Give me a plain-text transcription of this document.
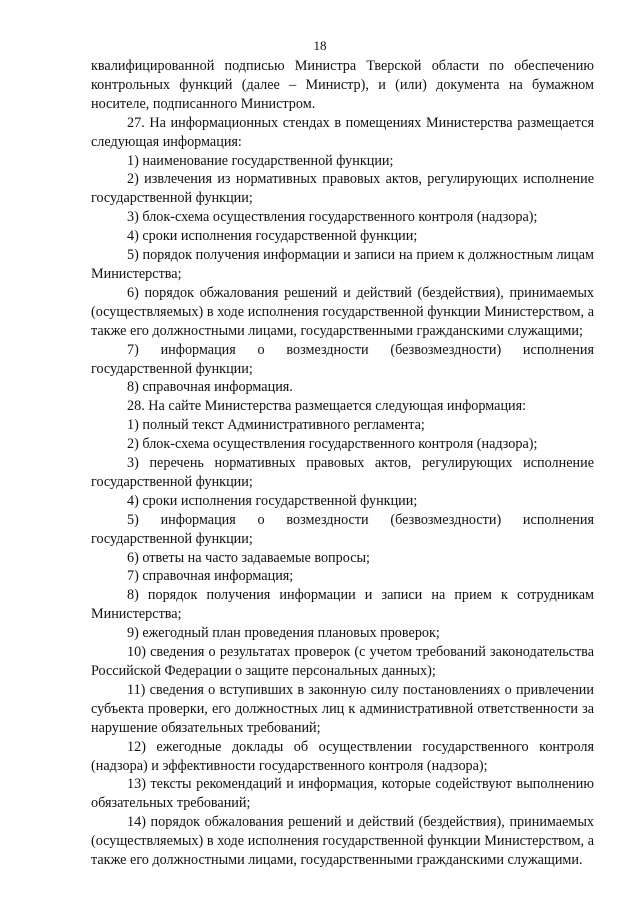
18

квалифицированной подписью Министра Тверской области по обеспечению контрольных функций (далее – Министр), и (или) документа на бумажном носителе, подписанного Министром.

27. На информационных стендах в помещениях Министерства размещается следующая информация:

1) наименование государственной функции;

2) извлечения из нормативных правовых актов, регулирующих исполнение государственной функции;

3) блок-схема осуществления государственного контроля (надзора);

4) сроки исполнения государственной функции;

5) порядок получения информации и записи на прием к должностным лицам Министерства;

6) порядок обжалования решений и действий (бездействия), принимаемых (осуществляемых) в ходе исполнения государственной функции Министерством, а также его должностными лицами, государственными гражданскими служащими;

7) информация о возмездности (безвозмездности) исполнения государственной функции;

8) справочная информация.

28. На сайте Министерства размещается следующая информация:

1) полный текст Административного регламента;

2) блок-схема осуществления государственного контроля (надзора);

3) перечень нормативных правовых актов, регулирующих исполнение государственной функции;

4) сроки исполнения государственной функции;

5) информация о возмездности (безвозмездности) исполнения государственной функции;

6) ответы на часто задаваемые вопросы;

7) справочная информация;

8) порядок получения информации и записи на прием к сотрудникам Министерства;

9) ежегодный план проведения плановых проверок;

10) сведения о результатах проверок (с учетом требований законодательства Российской Федерации о защите персональных данных);

11) сведения о вступивших в законную силу постановлениях о привлечении субъекта проверки, его должностных лиц к административной ответственности за нарушение обязательных требований;

12) ежегодные доклады об осуществлении государственного контроля (надзора) и эффективности государственного контроля (надзора);

13) тексты рекомендаций и информация, которые содействуют выполнению обязательных требований;

14) порядок обжалования решений и действий (бездействия), принимаемых (осуществляемых) в ходе исполнения государственной функции Министерством, а также его должностными лицами, государственными гражданскими служащими.
